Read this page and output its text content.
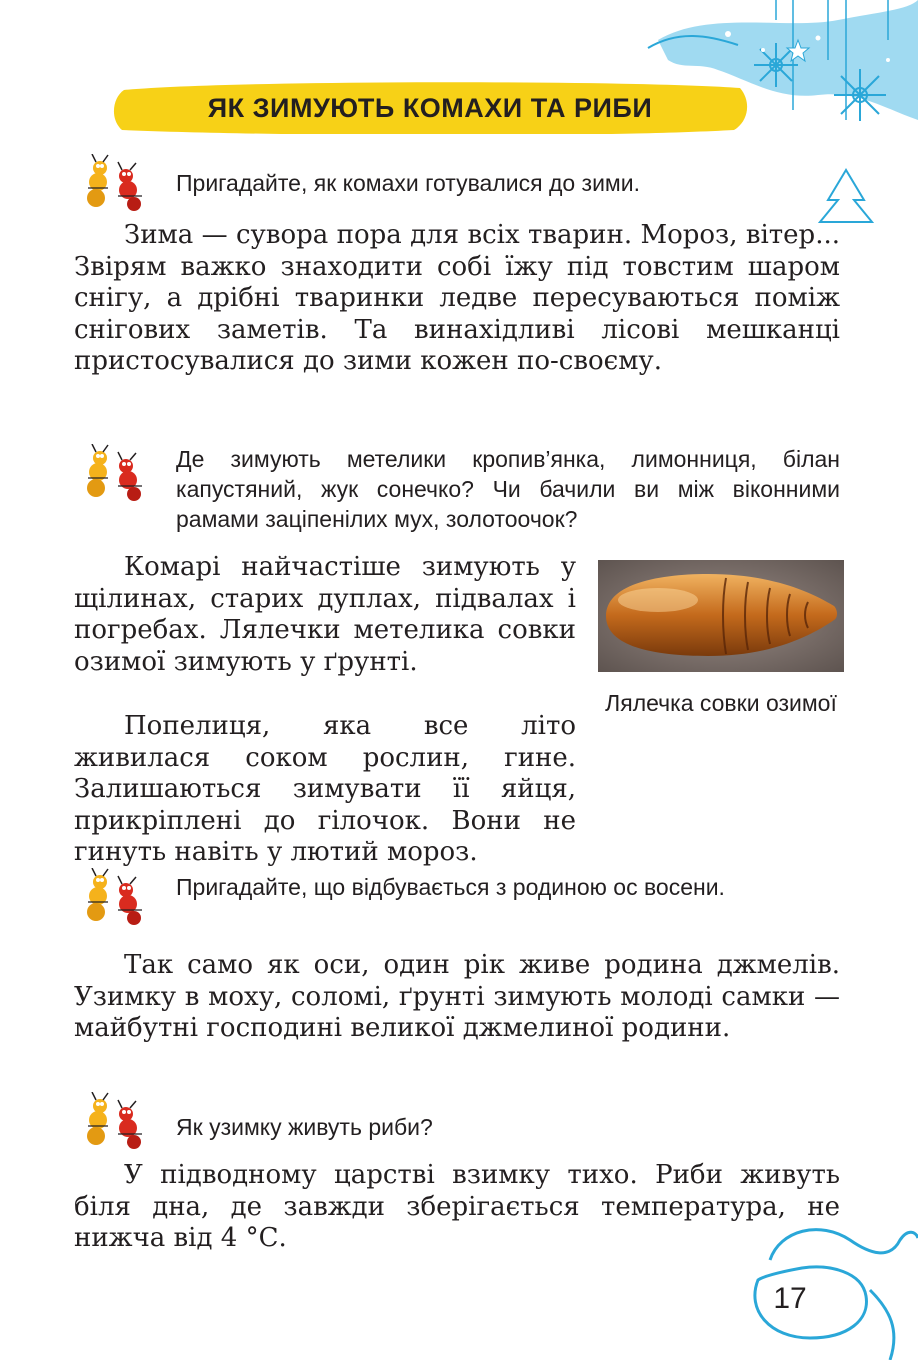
ЯК ЗИМУЮТЬ КОМАХИ ТА РИБИ
Пригадайте, як комахи готувалися до зими.

Зима — сувора пора для всіх тварин. Мороз, вітер... Звірям важко знаходити собі їжу під товстим шаром снігу, а дрібні тваринки ледве пересуваються поміж снігових заметів. Та винахідливі лісові мешканці пристосувалися до зими кожен по-своєму.

Де зимують метелики кропив’янка, лимонниця, білан капустяний, жук сонечко? Чи бачили ви між віконними рамами заціпенілих мух, золотоочок?

Комарі найчастіше зимують у щілинах, старих дуплах, підвалах і погребах. Лялечки метелика совки озимої зимують у ґрунті.

Лялечка совки озимої

Попелиця, яка все літо живилася соком рослин, гине. Залишаються зимувати її яйця, прикріплені до гілочок. Вони не гинуть навіть у лютий мороз.

Пригадайте, що відбувається з родиною ос восени.

Так само як оси, один рік живе родина джмелів. Узимку в моху, соломі, ґрунті зимують молоді самки — майбутні господині великої джмелиної родини.

Як узимку живуть риби?

У підводному царстві взимку тихо. Риби живуть біля дна, де завжди зберігається температура, не нижча від 4 °С.

17
